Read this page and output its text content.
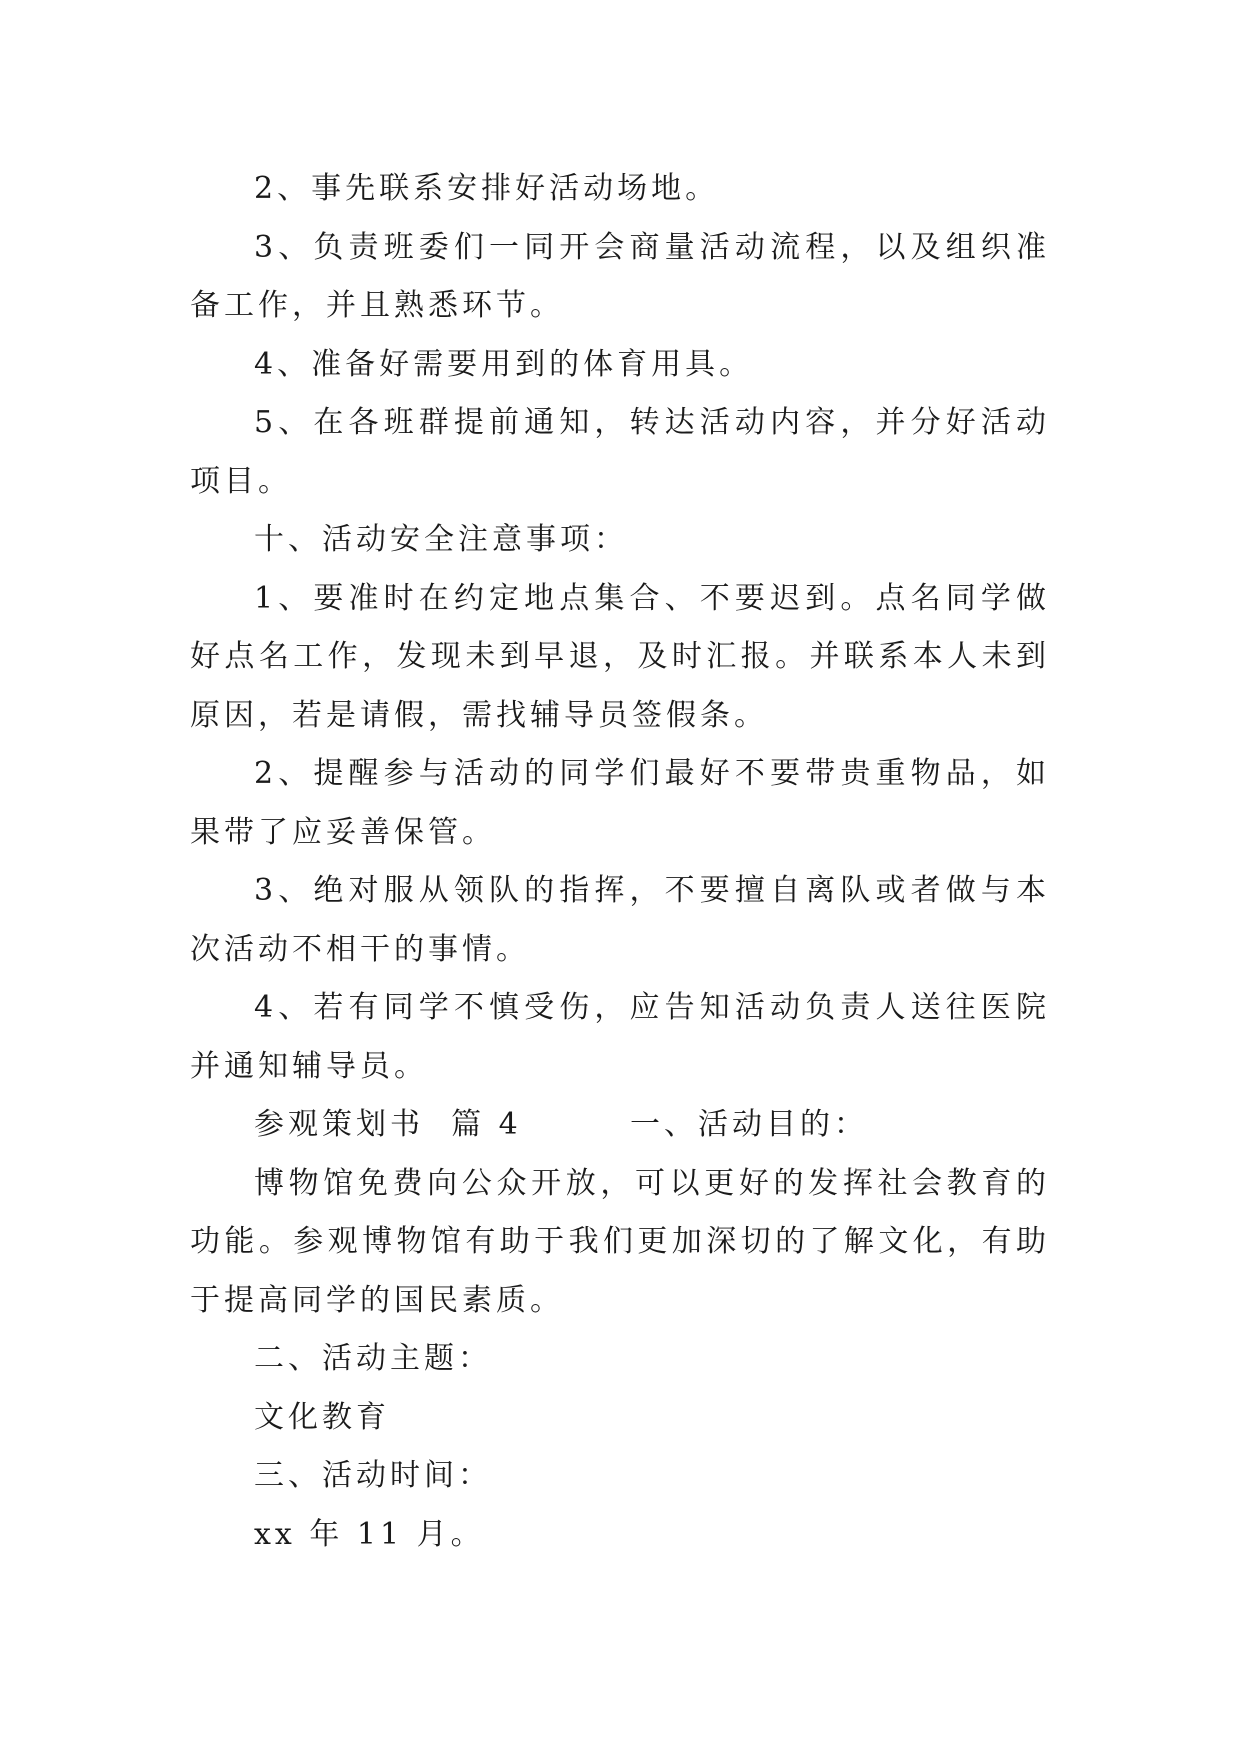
2、事先联系安排好活动场地。

3、负责班委们一同开会商量活动流程，以及组织准备工作，并且熟悉环节。

4、准备好需要用到的体育用具。

5、在各班群提前通知，转达活动内容，并分好活动项目。

十、活动安全注意事项：

1、要准时在约定地点集合、不要迟到。点名同学做好点名工作，发现未到早退，及时汇报。并联系本人未到原因，若是请假，需找辅导员签假条。

2、提醒参与活动的同学们最好不要带贵重物品，如果带了应妥善保管。

3、绝对服从领队的指挥，不要擅自离队或者做与本次活动不相干的事情。

4、若有同学不慎受伤，应告知活动负责人送往医院并通知辅导员。

参观策划书  篇 4        一、活动目的：

博物馆免费向公众开放，可以更好的发挥社会教育的功能。参观博物馆有助于我们更加深切的了解文化，有助于提高同学的国民素质。

二、活动主题：

文化教育

三、活动时间：

xx 年 11 月。
